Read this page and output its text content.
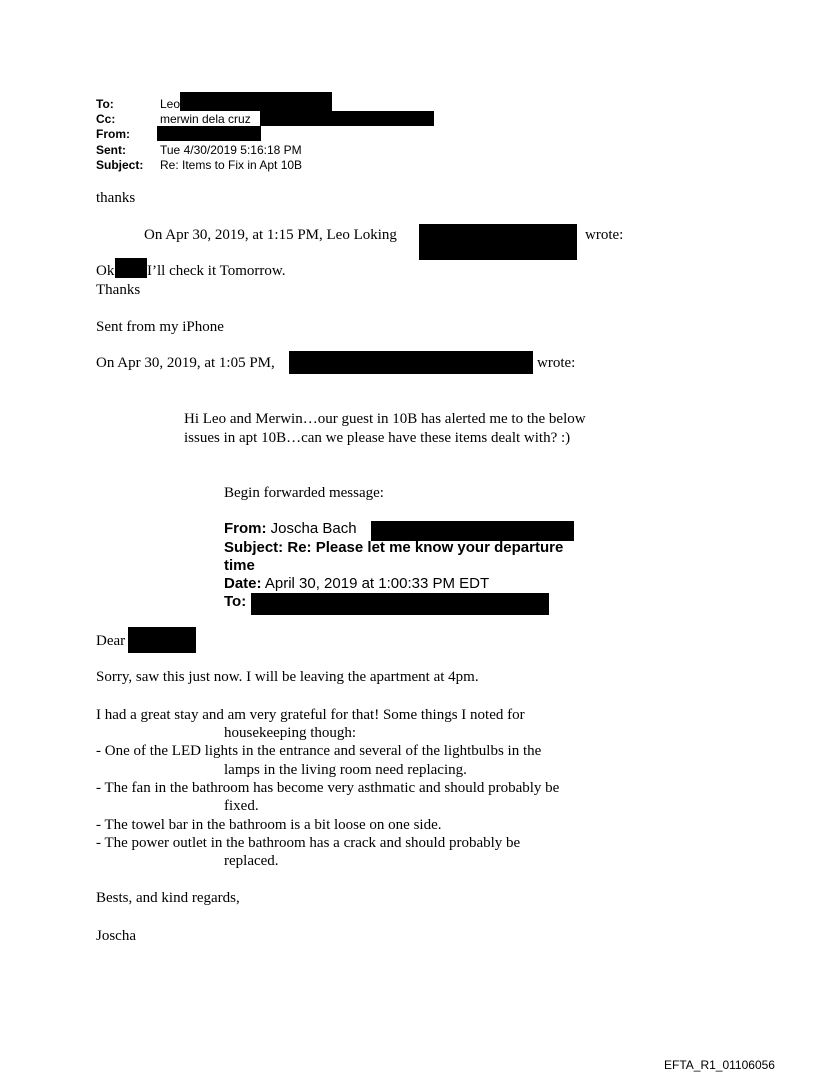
To:	Leo
Cc:	merwin dela cruz
From:
Sent:	Tue 4/30/2019 5:16:18 PM
Subject: Re: Items to Fix in Apt 10B
thanks
On Apr 30, 2019, at 1:15 PM, Leo Loking	wrote:
Ok I’ll check it Tomorrow.
Thanks
Sent from my iPhone
On Apr 30, 2019, at 1:05 PM,	wrote:
Hi Leo and Merwin…our guest in 10B has alerted me to the below
issues in apt 10B…can we please have these items dealt with? :)
Begin forwarded message:
From: Joscha Bach
Subject: Re: Please let me know your departure
time
Date: April 30, 2019 at 1:00:33 PM EDT
To:
Dear
Sorry, saw this just now. I will be leaving the apartment at 4pm.
I had a great stay and am very grateful for that! Some things I noted for
housekeeping though:
- One of the LED lights in the entrance and several of the lightbulbs in the
lamps in the living room need replacing.
- The fan in the bathroom has become very asthmatic and should probably be
fixed.
- The towel bar in the bathroom is a bit loose on one side.
- The power outlet in the bathroom has a crack and should probably be
replaced.
Bests, and kind regards,
Joscha
EFTA_R1_01106056
